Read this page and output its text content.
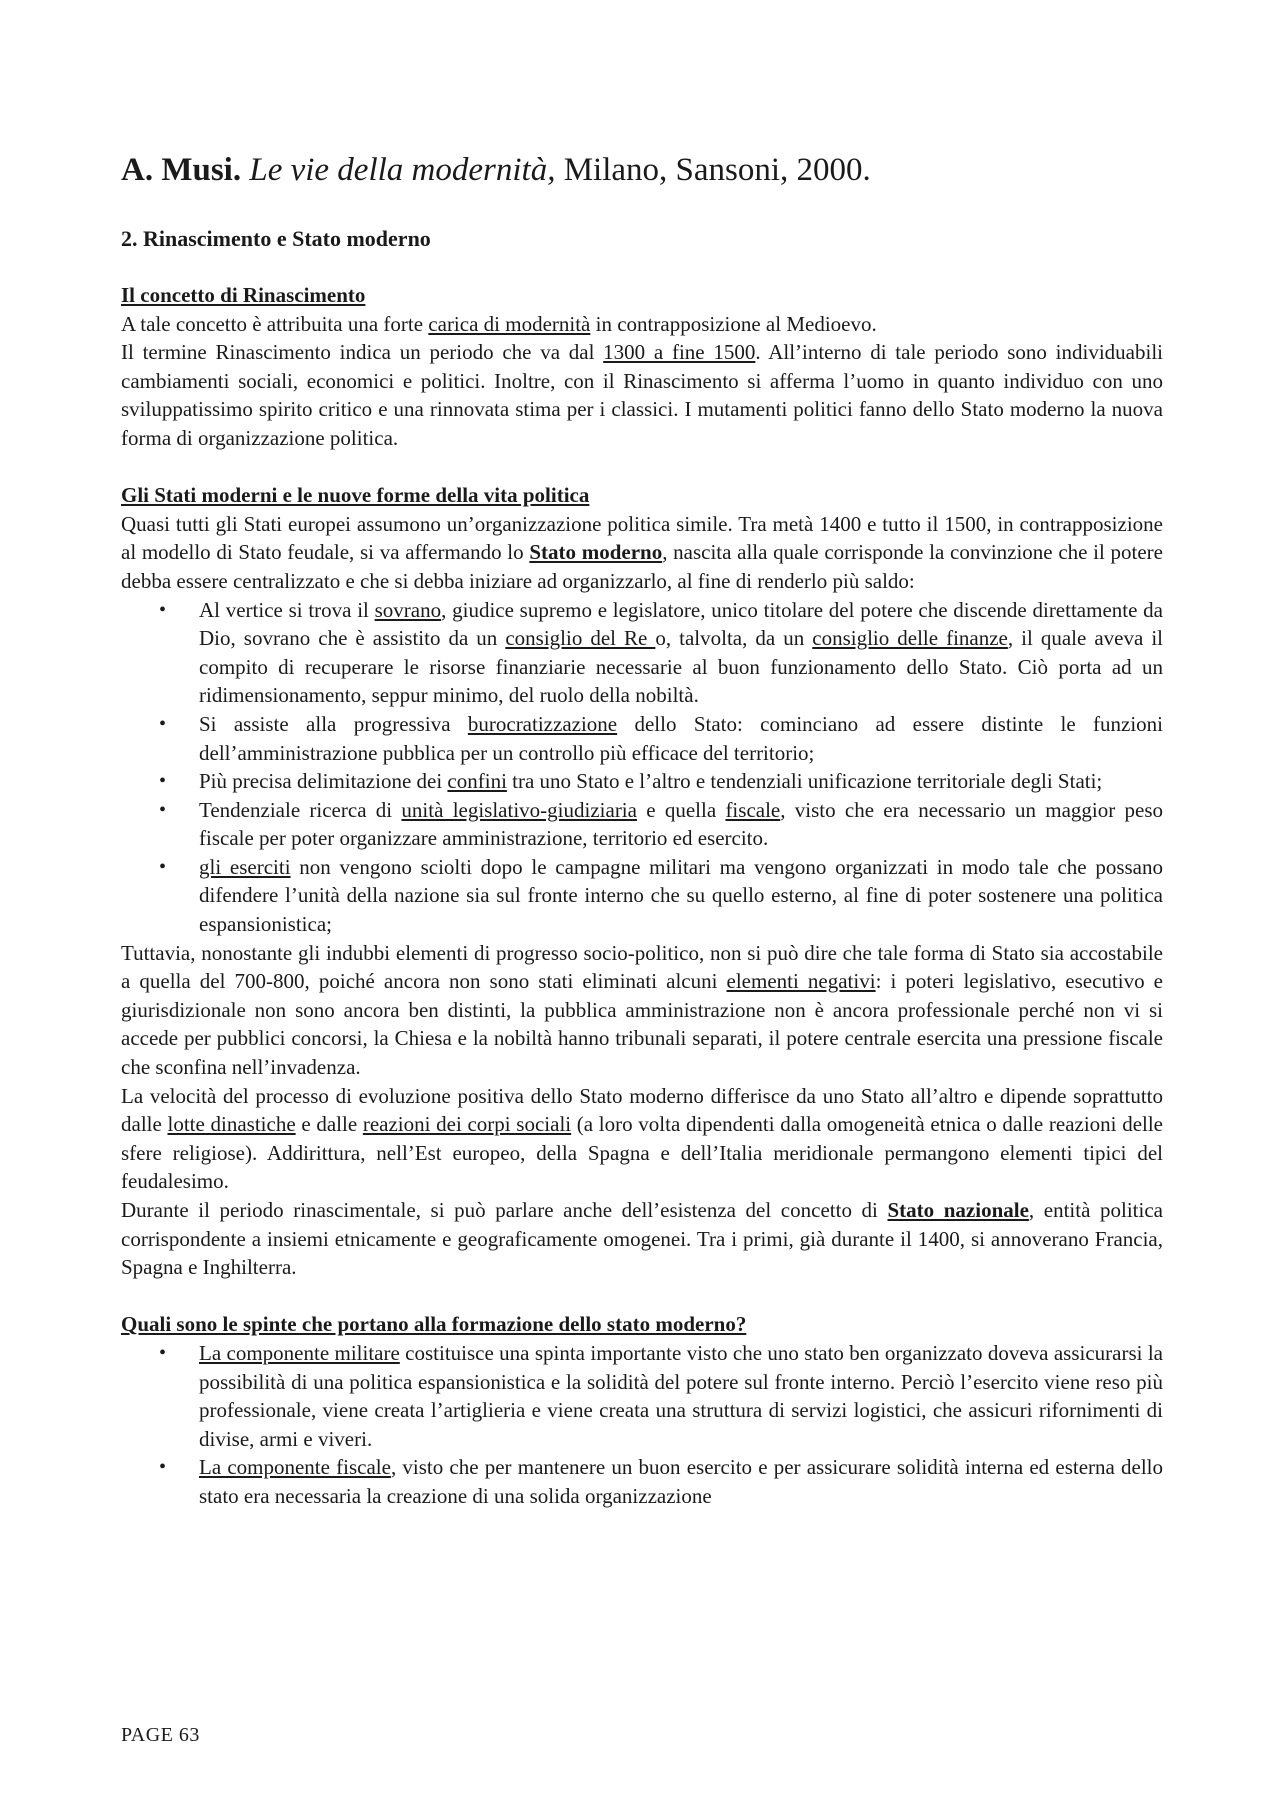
A. Musi. Le vie della modernità, Milano, Sansoni, 2000.
2. Rinascimento e Stato moderno
Il concetto di Rinascimento

A tale concetto è attribuita una forte carica di modernità in contrapposizione al Medioevo.

Il termine Rinascimento indica un periodo che va dal 1300 a fine 1500. All’interno di tale periodo sono individuabili cambiamenti sociali, economici e politici. Inoltre, con il Rinascimento si afferma l’uomo in quanto individuo con uno sviluppatissimo spirito critico e una rinnovata stima per i classici. I mutamenti politici fanno dello Stato moderno la nuova forma di organizzazione politica.

Gli Stati moderni e le nuove forme della vita politica

Quasi tutti gli Stati europei assumono un’organizzazione politica simile. Tra metà 1400 e tutto il 1500, in contrapposizione al modello di Stato feudale, si va affermando lo Stato moderno, nascita alla quale corrisponde la convinzione che il potere debba essere centralizzato e che si debba iniziare ad organizzarlo, al fine di renderlo più saldo:

• Al vertice si trova il sovrano, giudice supremo e legislatore, unico titolare del potere che discende direttamente da Dio, sovrano che è assistito da un consiglio del Re o, talvolta, da un consiglio delle finanze, il quale aveva il compito di recuperare le risorse finanziarie necessarie al buon funzionamento dello Stato. Ciò porta ad un ridimensionamento, seppur minimo, del ruolo della nobiltà.
• Si assiste alla progressiva burocratizzazione dello Stato: cominciano ad essere distinte le funzioni dell’amministrazione pubblica per un controllo più efficace del territorio;
• Più precisa delimitazione dei confini tra uno Stato e l’altro e tendenziali unificazione territoriale degli Stati;
• Tendenziale ricerca di unità legislativo-giudiziaria e quella fiscale, visto che era necessario un maggior peso fiscale per poter organizzare amministrazione, territorio ed esercito.
• gli eserciti non vengono sciolti dopo le campagne militari ma vengono organizzati in modo tale che possano difendere l’unità della nazione sia sul fronte interno che su quello esterno, al fine di poter sostenere una politica espansionistica;

Tuttavia, nonostante gli indubbi elementi di progresso socio-politico, non si può dire che tale forma di Stato sia accostabile a quella del 700-800, poiché ancora non sono stati eliminati alcuni elementi negativi: i poteri legislativo, esecutivo e giurisdizionale non sono ancora ben distinti, la pubblica amministrazione non è ancora professionale perché non vi si accede per pubblici concorsi, la Chiesa e la nobiltà hanno tribunali separati, il potere centrale esercita una pressione fiscale che sconfina nell’invadenza.

La velocità del processo di evoluzione positiva dello Stato moderno differisce da uno Stato all’altro e dipende soprattutto dalle lotte dinastiche e dalle reazioni dei corpi sociali (a loro volta dipendenti dalla omogeneità etnica o dalle reazioni delle sfere religiose). Addirittura, nell’Est europeo, della Spagna e dell’Italia meridionale permangono elementi tipici del feudalesimo.

Durante il periodo rinascimentale, si può parlare anche dell’esistenza del concetto di Stato nazionale, entità politica corrispondente a insiemi etnicamente e geograficamente omogenei. Tra i primi, già durante il 1400, si annoverano Francia, Spagna e Inghilterra.

Quali sono le spinte che portano alla formazione dello stato moderno?
• La componente militare costituisce una spinta importante visto che uno stato ben organizzato doveva assicurarsi la possibilità di una politica espansionistica e la solidità del potere sul fronte interno. Perciò l’esercito viene reso più professionale, viene creata l’artiglieria e viene creata una struttura di servizi logistici, che assicuri rifornimenti di divise, armi e viveri.
• La componente fiscale, visto che per mantenere un buon esercito e per assicurare solidità interna ed esterna dello stato era necessaria la creazione di una solida organizzazione
PAGE 63
